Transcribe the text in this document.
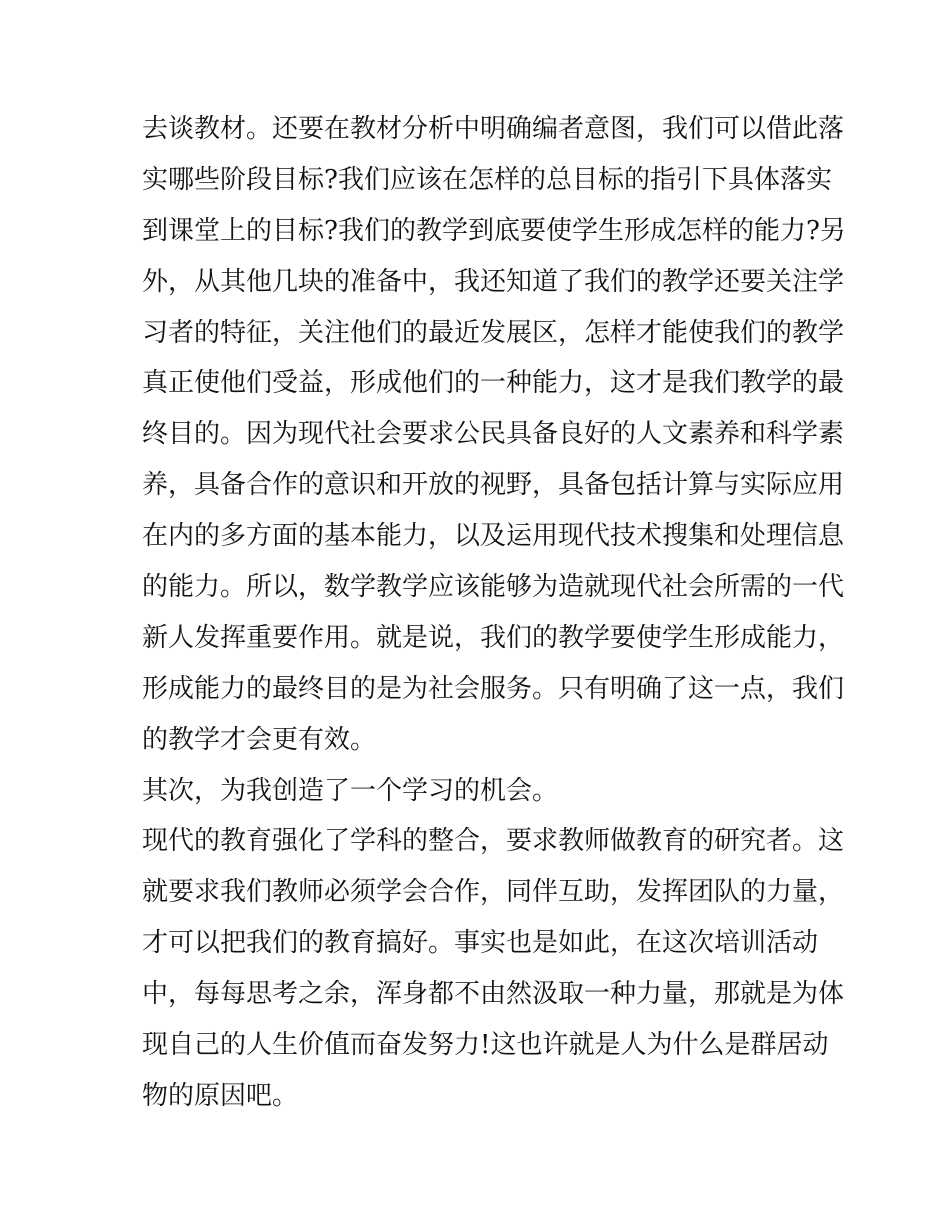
去谈教材。还要在教材分析中明确编者意图，我们可以借此落
实哪些阶段目标?我们应该在怎样的总目标的指引下具体落实
到课堂上的目标?我们的教学到底要使学生形成怎样的能力?另
外，从其他几块的准备中，我还知道了我们的教学还要关注学
习者的特征，关注他们的最近发展区，怎样才能使我们的教学
真正使他们受益，形成他们的一种能力，这才是我们教学的最
终目的。因为现代社会要求公民具备良好的人文素养和科学素
养，具备合作的意识和开放的视野，具备包括计算与实际应用
在内的多方面的基本能力，以及运用现代技术搜集和处理信息
的能力。所以，数学教学应该能够为造就现代社会所需的一代
新人发挥重要作用。就是说，我们的教学要使学生形成能力，
形成能力的最终目的是为社会服务。只有明确了这一点，我们
的教学才会更有效。
其次，为我创造了一个学习的机会。
现代的教育强化了学科的整合，要求教师做教育的研究者。这
就要求我们教师必须学会合作，同伴互助，发挥团队的力量，
才可以把我们的教育搞好。事实也是如此，在这次培训活动
中，每每思考之余，浑身都不由然汲取一种力量，那就是为体
现自己的人生价值而奋发努力!这也许就是人为什么是群居动
物的原因吧。
